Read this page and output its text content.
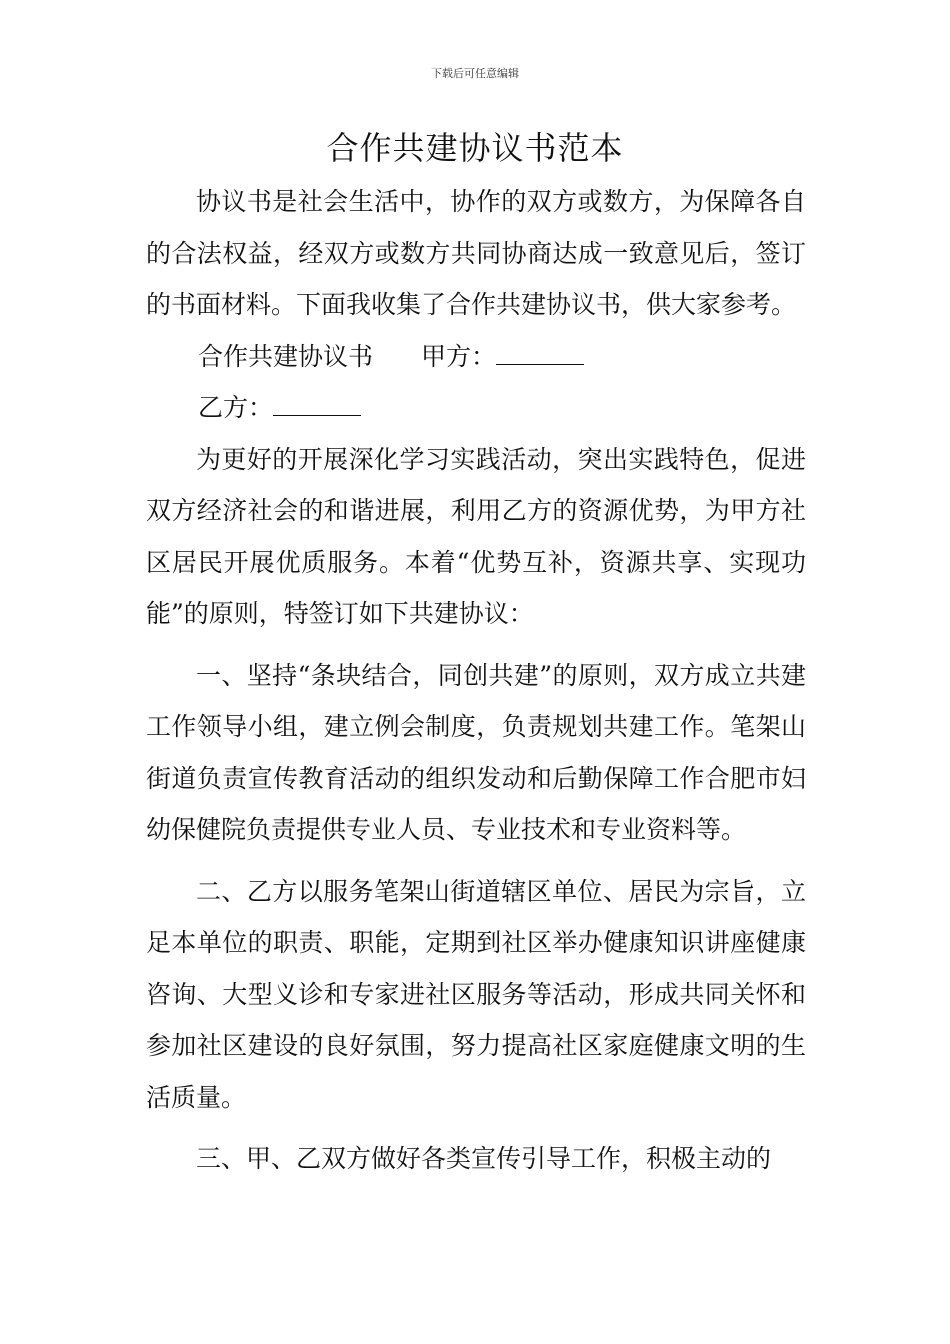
下载后可任意编辑
合作共建协议书范本

协议书是社会生活中，协作的双方或数方，为保障各自的合法权益，经双方或数方共同协商达成一致意见后，签订的书面材料。下面我收集了合作共建协议书，供大家参考。

合作共建协议书 甲方：

乙方：

为更好的开展深化学习实践活动，突出实践特色，促进双方经济社会的和谐进展，利用乙方的资源优势，为甲方社区居民开展优质服务。本着“优势互补，资源共享、实现功能”的原则，特签订如下共建协议：

一、坚持“条块结合，同创共建”的原则，双方成立共建工作领导小组，建立例会制度，负责规划共建工作。笔架山街道负责宣传教育活动的组织发动和后勤保障工作合肥市妇幼保健院负责提供专业人员、专业技术和专业资料等。

二、乙方以服务笔架山街道辖区单位、居民为宗旨，立足本单位的职责、职能，定期到社区举办健康知识讲座健康咨询、大型义诊和专家进社区服务等活动，形成共同关怀和参加社区建设的良好氛围，努力提高社区家庭健康文明的生活质量。

三、甲、乙双方做好各类宣传引导工作，积极主动的
